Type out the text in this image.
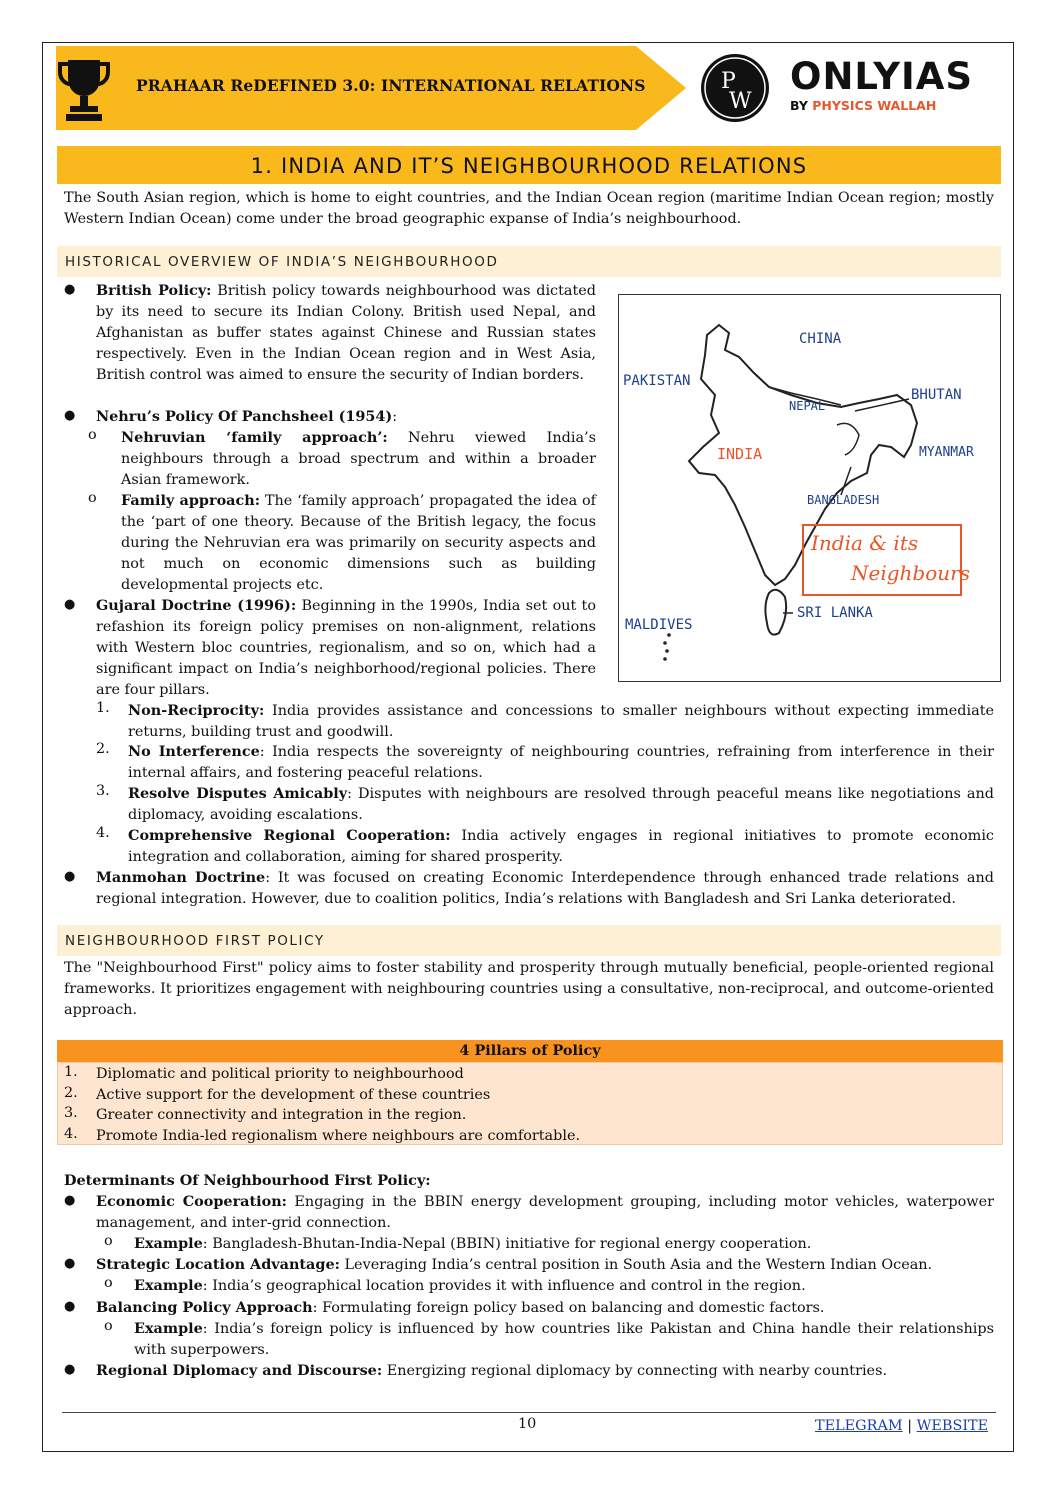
PRAHAAR ReDEFINED 3.0: INTERNATIONAL RELATIONS	P
W
ONLYIAS
BY PHYSICS WALLAH
1. INDIA AND IT’S NEIGHBOURHOOD RELATIONS
The South Asian region, which is home to eight countries, and the Indian Ocean region (maritime Indian Ocean region; mostly Western Indian Ocean) come under the broad geographic expanse of India’s neighbourhood.
HISTORICAL OVERVIEW OF INDIA’S NEIGHBOURHOOD
● British Policy: British policy towards neighbourhood was dictated by its need to secure its Indian Colony. British used Nepal, and Afghanistan as buffer states against Chinese and Russian states respectively. Even in the Indian Ocean region and in West Asia, British control was aimed to ensure the security of Indian borders.
● Nehru’s Policy Of Panchsheel (1954):
o Nehruvian ‘family approach’: Nehru viewed India’s neighbours through a broad spectrum and within a broader Asian framework.
o Family approach: The ‘family approach’ propagated the idea of the ‘part of one theory. Because of the British legacy, the focus during the Nehruvian era was primarily on security aspects and not much on economic dimensions such as building developmental projects etc.
● Gujaral Doctrine (1996): Beginning in the 1990s, India set out to refashion its foreign policy premises on non-alignment, relations with Western bloc countries, regionalism, and so on, which had a significant impact on India’s neighborhood/regional policies. There are four pillars.
1. Non-Reciprocity: India provides assistance and concessions to smaller neighbours without expecting immediate returns, building trust and goodwill.
2. No Interference: India respects the sovereignty of neighbouring countries, refraining from interference in their internal affairs, and fostering peaceful relations.
3. Resolve Disputes Amicably: Disputes with neighbours are resolved through peaceful means like negotiations and diplomacy, avoiding escalations.
4. Comprehensive Regional Cooperation: India actively engages in regional initiatives to promote economic integration and collaboration, aiming for shared prosperity.
● Manmohan Doctrine: It was focused on creating Economic Interdependence through enhanced trade relations and regional integration. However, due to coalition politics, India’s relations with Bangladesh and Sri Lanka deteriorated.
CHINA
PAKISTAN
NEPAL
BHUTAN
INDIA	MYANMAR
BANGLADESH
India & its
Neighbours
MALDIVES
SRI LANKA
NEIGHBOURHOOD FIRST POLICY
The "Neighbourhood First" policy aims to foster stability and prosperity through mutually beneficial, people-oriented regional frameworks. It prioritizes engagement with neighbouring countries using a consultative, non-reciprocal, and outcome-oriented approach.
4 Pillars of Policy
1. Diplomatic and political priority to neighbourhood
2. Active support for the development of these countries
3. Greater connectivity and integration in the region.
4. Promote India-led regionalism where neighbours are comfortable.
Determinants Of Neighbourhood First Policy:
● Economic Cooperation: Engaging in the BBIN energy development grouping, including motor vehicles, waterpower management, and inter-grid connection.
o Example: Bangladesh-Bhutan-India-Nepal (BBIN) initiative for regional energy cooperation.
● Strategic Location Advantage: Leveraging India’s central position in South Asia and the Western Indian Ocean.
o Example: India’s geographical location provides it with influence and control in the region.
● Balancing Policy Approach: Formulating foreign policy based on balancing and domestic factors.
o Example: India’s foreign policy is influenced by how countries like Pakistan and China handle their relationships with superpowers.
● Regional Diplomacy and Discourse: Energizing regional diplomacy by connecting with nearby countries.
10	TELEGRAM | WEBSITE
